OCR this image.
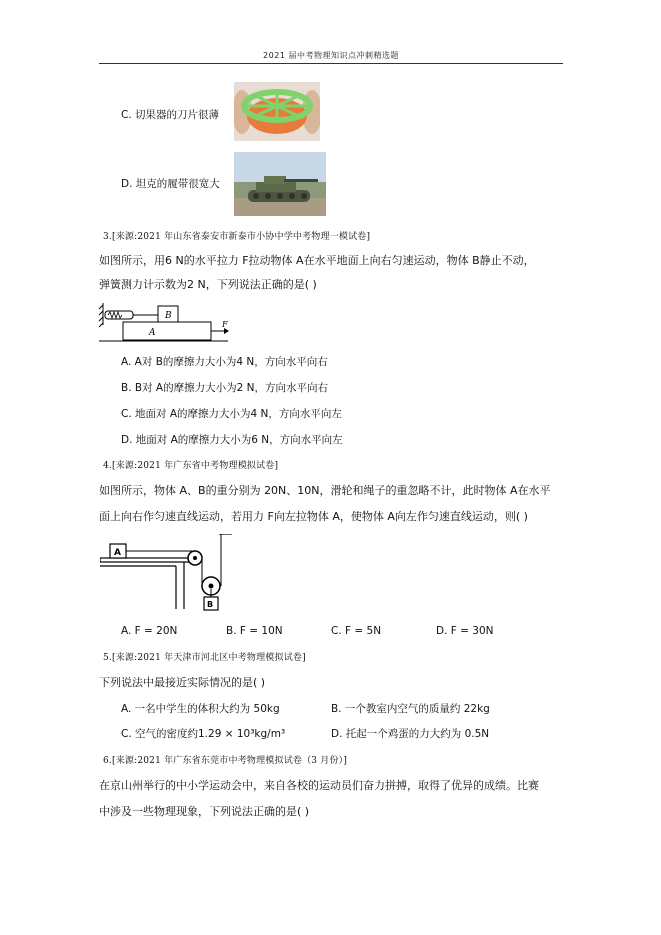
2021 届中考物理知识点冲刺精选题
C. 切果器的刀片很薄
D. 坦克的履带很宽大
3.[来源:2021 年山东省泰安市新泰市小协中学中考物理一模试卷]
如图所示，用6 N的水平拉力 F拉动物体 A在水平地面上向右匀速运动，物体 B静止不动，
弹簧测力计示数为2 N，下列说法正确的是( )
B
A
F
A. A对 B的摩擦力大小为4 N，方向水平向右
B. B对 A的摩擦力大小为2 N，方向水平向右
C. 地面对 A的摩擦力大小为4 N，方向水平向左
D. 地面对 A的摩擦力大小为6 N，方向水平向左
4.[来源:2021 年广东省中考物理模拟试卷]
如图所示，物体 A、B的重分别为 20N、10N，滑轮和绳子的重忽略不计，此时物体 A在水平
面上向右作匀速直线运动，若用力 F向左拉物体 A，使物体 A向左作匀速直线运动，则( )
A
B
A. F = 20N	B. F = 10N	C. F = 5N	D. F = 30N
5.[来源:2021 年天津市河北区中考物理模拟试卷]
下列说法中最接近实际情况的是( )
A. 一名中学生的体积大约为 50kg	B. 一个教室内空气的质量约 22kg
C. 空气的密度约1.29 × 10³kg/m³	D. 托起一个鸡蛋的力大约为 0.5N
6.[来源:2021 年广东省东莞市中考物理模拟试卷（3 月份）]
在京山州举行的中小学运动会中，来自各校的运动员们奋力拼搏，取得了优异的成绩。比赛
中涉及一些物理现象，下列说法正确的是( )
